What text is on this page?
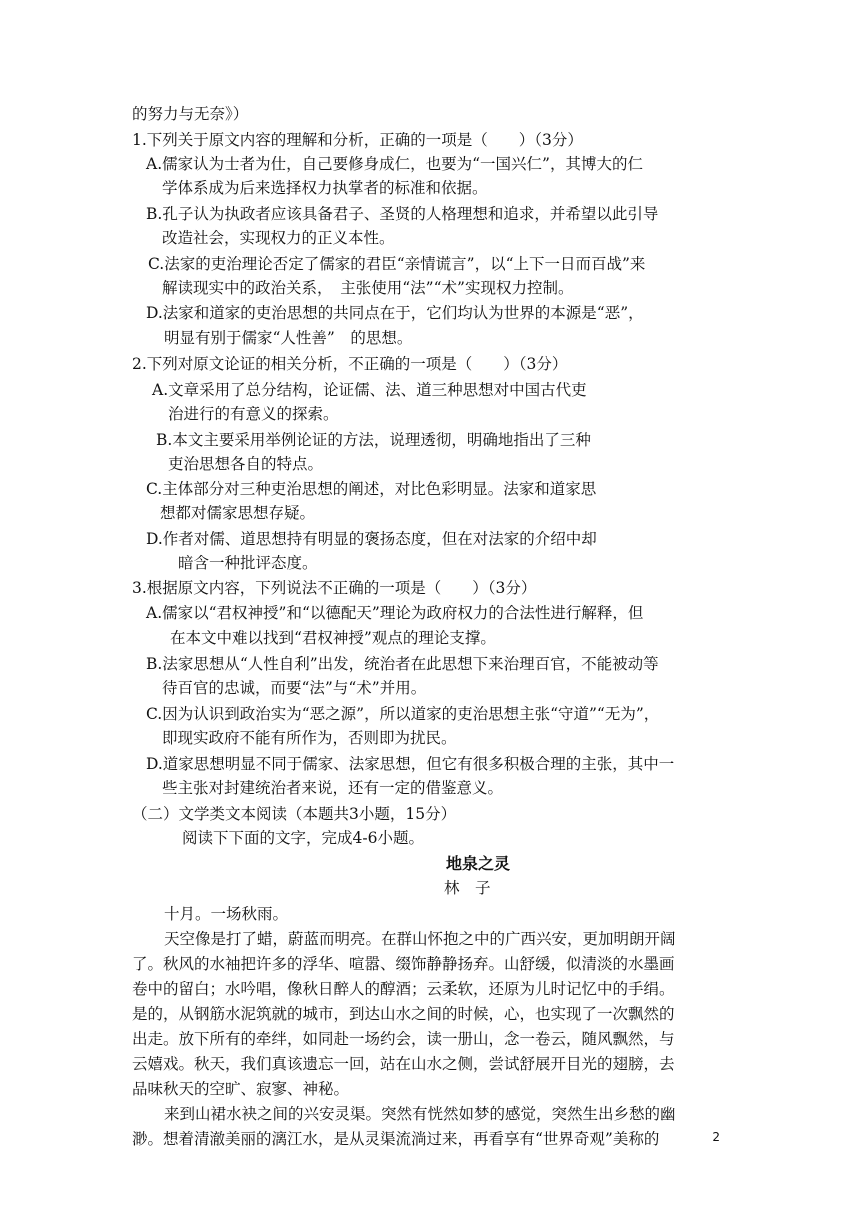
的努力与无奈》）
1.下列关于原文内容的理解和分析，正确的一项是（　　）（3分）
A.儒家认为士者为仕，自己要修身成仁，也要为“一国兴仁”，其博大的仁
学体系成为后来选择权力执掌者的标准和依据。
B.孔子认为执政者应该具备君子、圣贤的人格理想和追求，并希望以此引导
改造社会，实现权力的正义本性。
C.法家的吏治理论否定了儒家的君臣“亲情谎言”，以“上下一日而百战”来
解读现实中的政治关系，　主张使用“法”“术”实现权力控制。
D.法家和道家的吏治思想的共同点在于，它们均认为世界的本源是“恶”，
明显有别于儒家“人性善”　的思想。
2.下列对原文论证的相关分析，不正确的一项是（　　）（3分）
A.文章采用了总分结构，论证儒、法、道三种思想对中国古代吏
治进行的有意义的探索。
B.本文主要采用举例论证的方法，说理透彻，明确地指出了三种
吏治思想各自的特点。
C.主体部分对三种吏治思想的阐述，对比色彩明显。法家和道家思
想都对儒家思想存疑。
D.作者对儒、道思想持有明显的褒扬态度，但在对法家的介绍中却
暗含一种批评态度。
3.根据原文内容，下列说法不正确的一项是（　　）（3分）
A.儒家以“君权神授”和“以德配天”理论为政府权力的合法性进行解释，但
在本文中难以找到“君权神授”观点的理论支撑。
B.法家思想从“人性自利”出发，统治者在此思想下来治理百官，不能被动等
待百官的忠诚，而要“法”与“术”并用。
C.因为认识到政治实为“恶之源”，所以道家的吏治思想主张“守道”“无为”，
即现实政府不能有所作为，否则即为扰民。
D.道家思想明显不同于儒家、法家思想，但它有很多积极合理的主张，其中一
些主张对封建统治者来说，还有一定的借鉴意义。
（二）文学类文本阅读（本题共3小题，15分）
阅读下下面的文字，完成4-6小题。
地泉之灵
林　子
十月。一场秋雨。
天空像是打了蜡，蔚蓝而明亮。在群山怀抱之中的广西兴安，更加明朗开阔
了。秋风的水袖把许多的浮华、喧嚣、缀饰静静扬弃。山舒缓，似清淡的水墨画
卷中的留白；水吟唱，像秋日醉人的醇酒；云柔软，还原为儿时记忆中的手绢。
是的，从钢筋水泥筑就的城市，到达山水之间的时候，心，也实现了一次飘然的
出走。放下所有的牵绊，如同赴一场约会，读一册山，念一卷云，随风飘然，与
云嬉戏。秋天，我们真该遗忘一回，站在山水之侧，尝试舒展开目光的翅膀，去
品味秋天的空旷、寂寥、神秘。
来到山裙水袂之间的兴安灵渠。突然有恍然如梦的感觉，突然生出乡愁的幽
渺。想着清澈美丽的漓江水，是从灵渠流淌过来，再看享有“世界奇观”美称的	2
